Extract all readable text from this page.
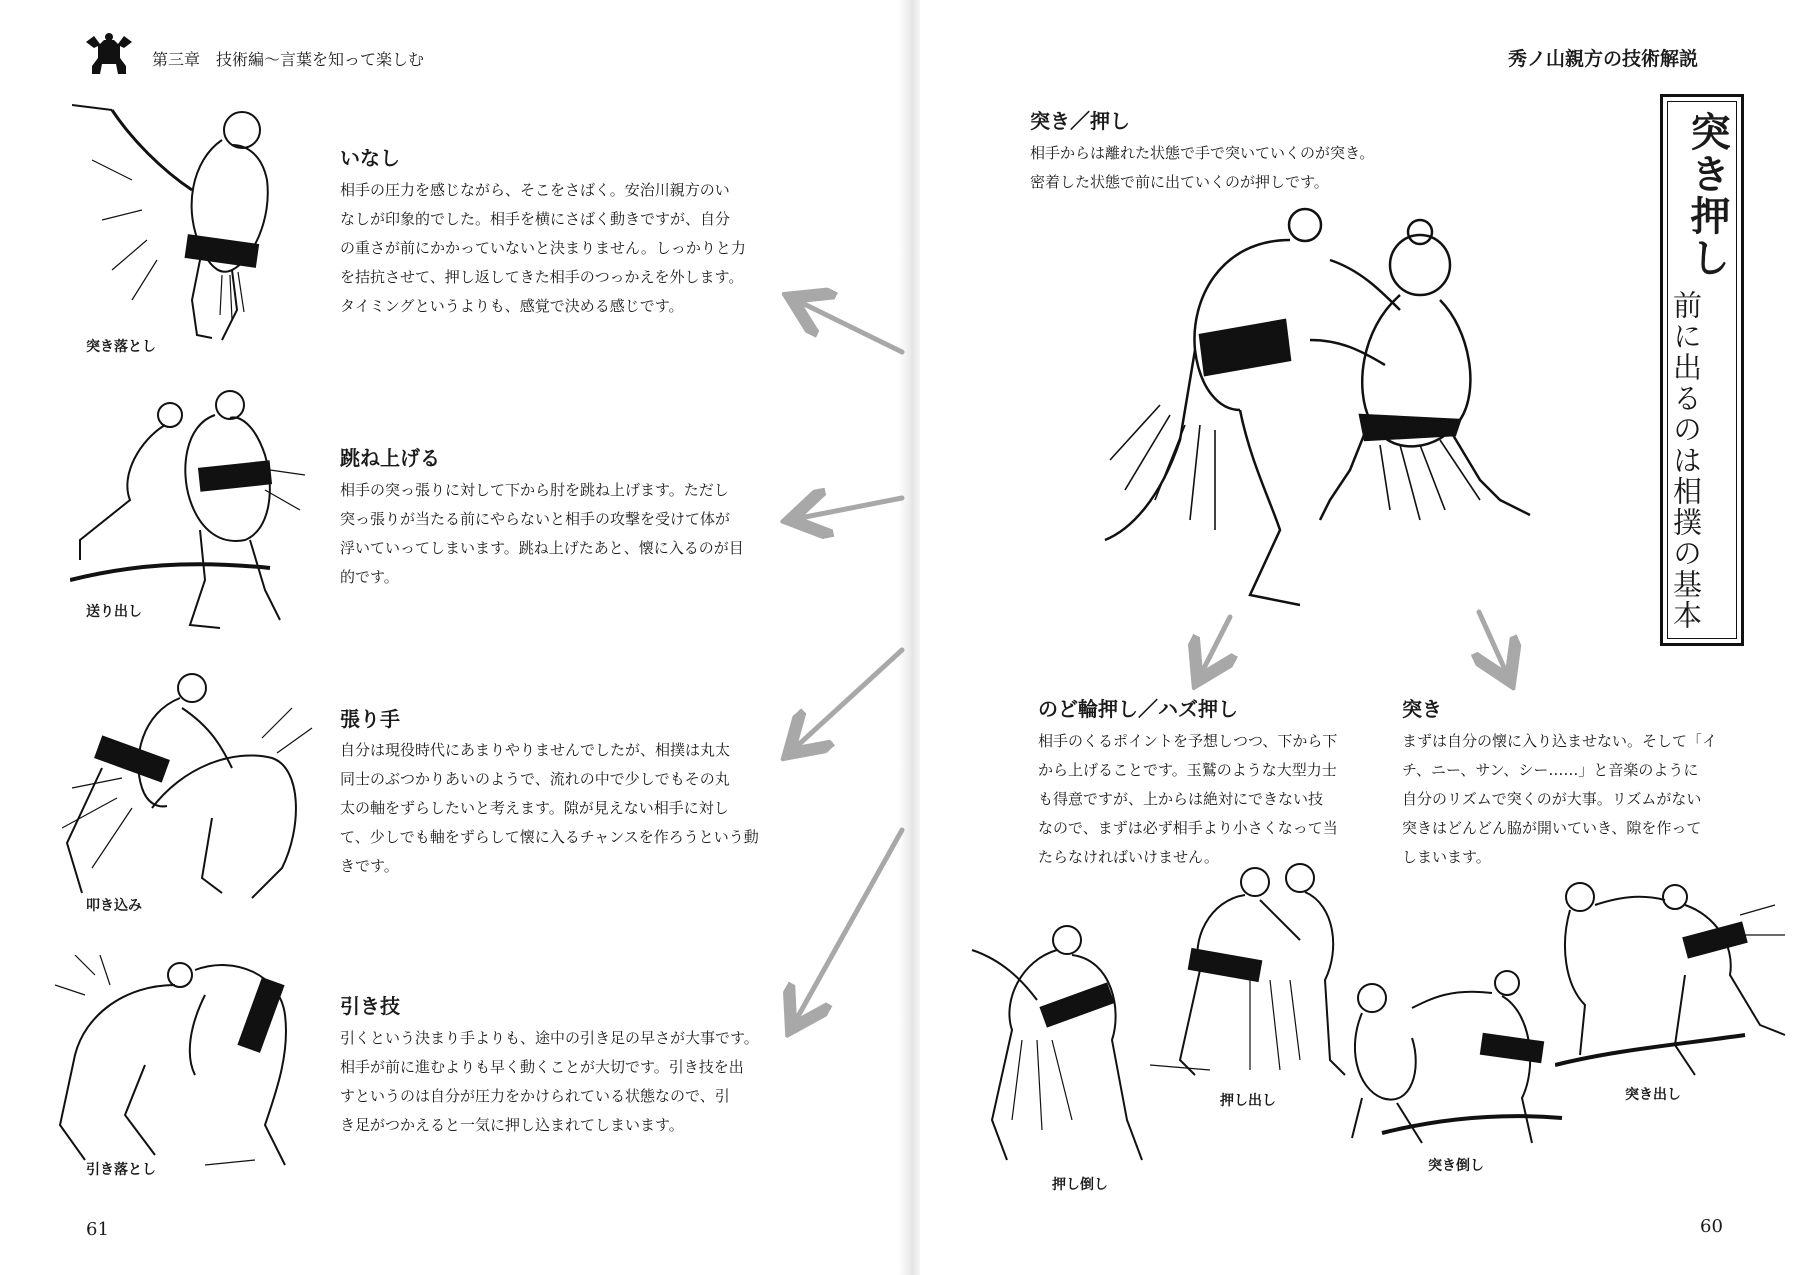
第三章　技術編〜言葉を知って楽しむ
突き落とし
いなし
相手の圧力を感じながら、そこをさばく。安治川親方のい
なしが印象的でした。相手を横にさばく動きですが、自分
の重さが前にかかっていないと決まりません。しっかりと力
を拮抗させて、押し返してきた相手のつっかえを外します。
タイミングというよりも、感覚で決める感じです。
送り出し
跳ね上げる
相手の突っ張りに対して下から肘を跳ね上げます。ただし
突っ張りが当たる前にやらないと相手の攻撃を受けて体が
浮いていってしまいます。跳ね上げたあと、懐に入るのが目
的です。
叩き込み
張り手
自分は現役時代にあまりやりませんでしたが、相撲は丸太
同士のぶつかりあいのようで、流れの中で少しでもその丸
太の軸をずらしたいと考えます。隙が見えない相手に対し
て、少しでも軸をずらして懐に入るチャンスを作ろうという動
きです。
引き落とし
引き技
引くという決まり手よりも、途中の引き足の早さが大事です。
相手が前に進むよりも早く動くことが大切です。引き技を出
すというのは自分が圧力をかけられている状態なので、引
き足がつかえると一気に押し込まれてしまいます。
61
秀ノ山親方の技術解説
突き／押し
相手からは離れた状態で手で突いていくのが突き。
密着した状態で前に出ていくのが押しです。	突き押し
前に出るのは相撲の基本
のど輪押し／ハズ押し
相手のくるポイントを予想しつつ、下から下
から上げることです。玉鷲のような大型力士
も得意ですが、上からは絶対にできない技
なので、まずは必ず相手より小さくなって当
たらなければいけません。
突き
まずは自分の懐に入り込ませない。そして「イ
チ、ニー、サン、シー……」と音楽のように
自分のリズムで突くのが大事。リズムがない
突きはどんどん脇が開いていき、隙を作って
しまいます。
押し倒し
押し出し
突き倒し
突き出し
60
